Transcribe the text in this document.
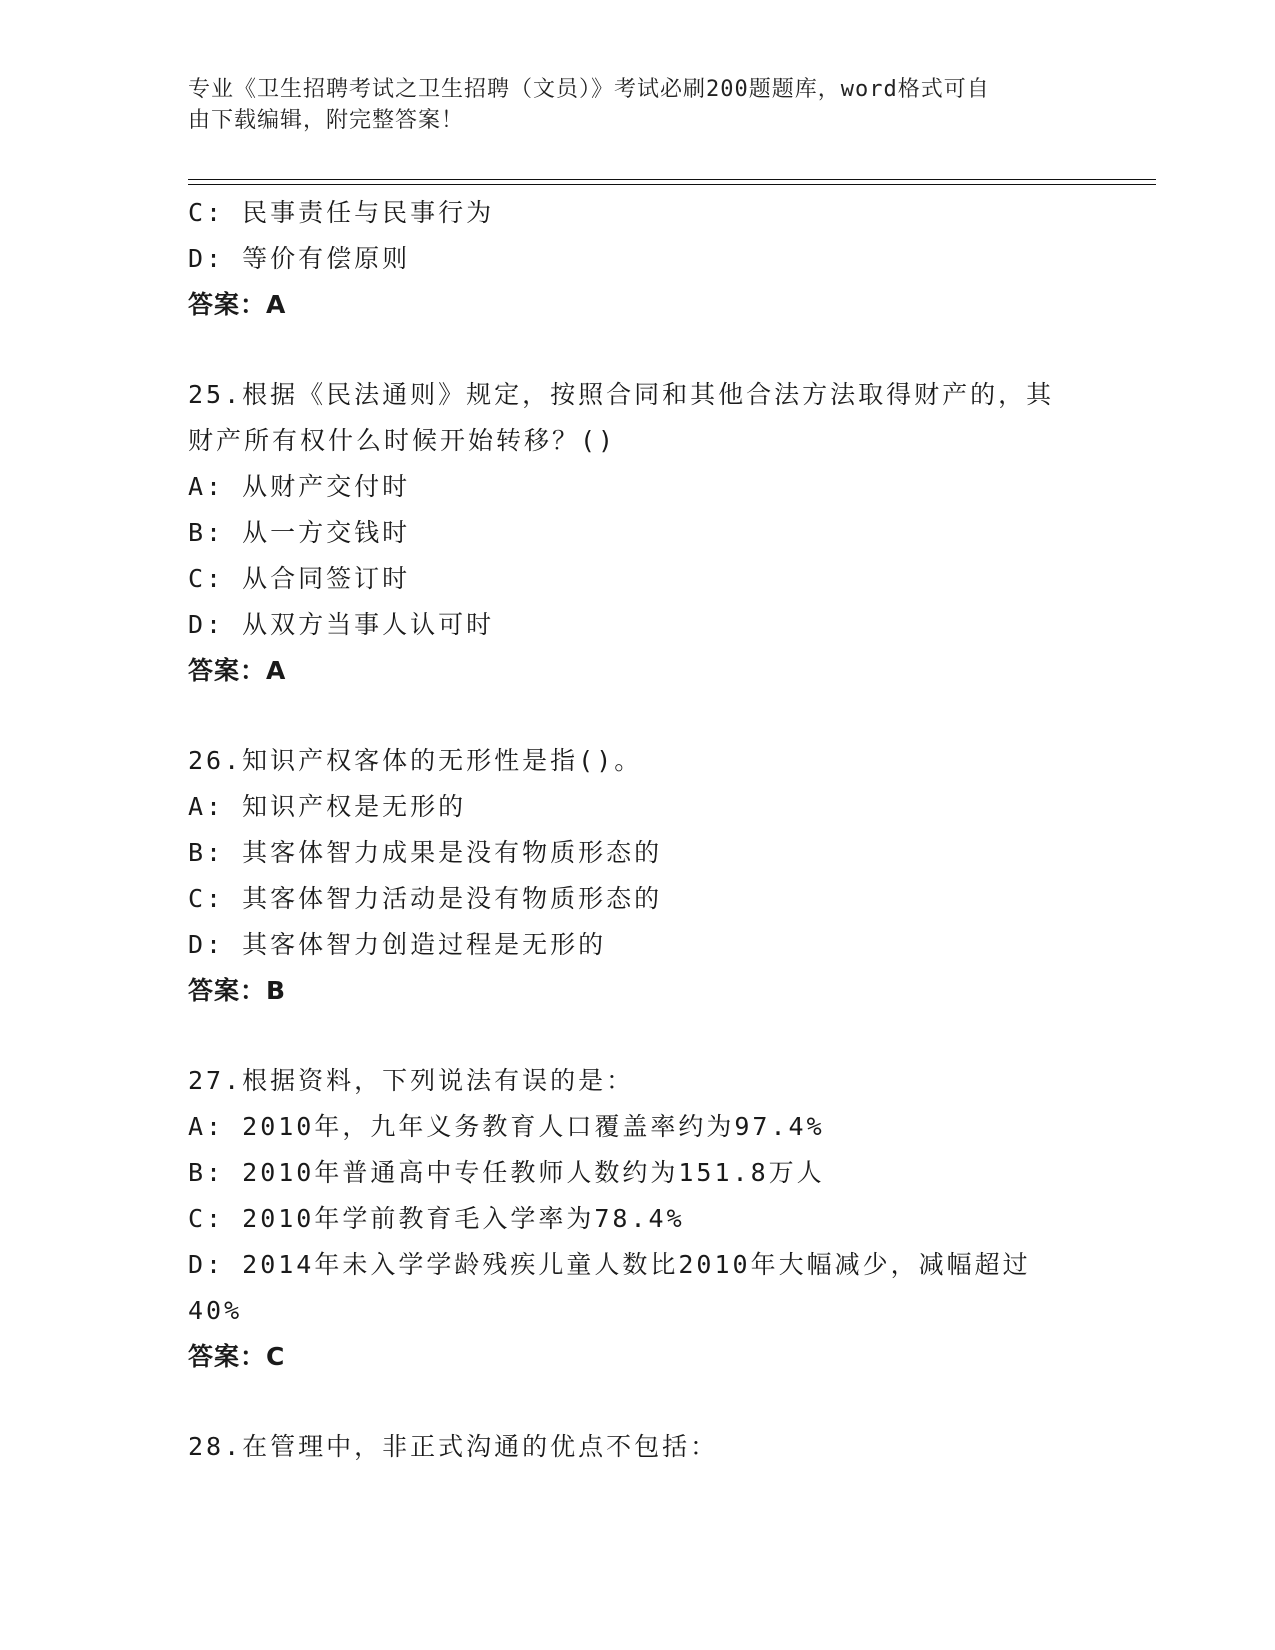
专业《卫生招聘考试之卫生招聘（文员）》考试必刷200题题库，word格式可自
由下载编辑，附完整答案！
C: 民事责任与民事行为
D: 等价有偿原则
答案：A
25.根据《民法通则》规定，按照合同和其他合法方法取得财产的，其
财产所有权什么时候开始转移？()
A: 从财产交付时
B: 从一方交钱时
C: 从合同签订时
D: 从双方当事人认可时
答案：A
26.知识产权客体的无形性是指()。
A: 知识产权是无形的
B: 其客体智力成果是没有物质形态的
C: 其客体智力活动是没有物质形态的
D: 其客体智力创造过程是无形的
答案：B
27.根据资料，下列说法有误的是：
A: 2010年，九年义务教育人口覆盖率约为97.4%
B: 2010年普通高中专任教师人数约为151.8万人
C: 2010年学前教育毛入学率为78.4%
D: 2014年未入学学龄残疾儿童人数比2010年大幅减少，减幅超过
40%
答案：C
28.在管理中，非正式沟通的优点不包括：
